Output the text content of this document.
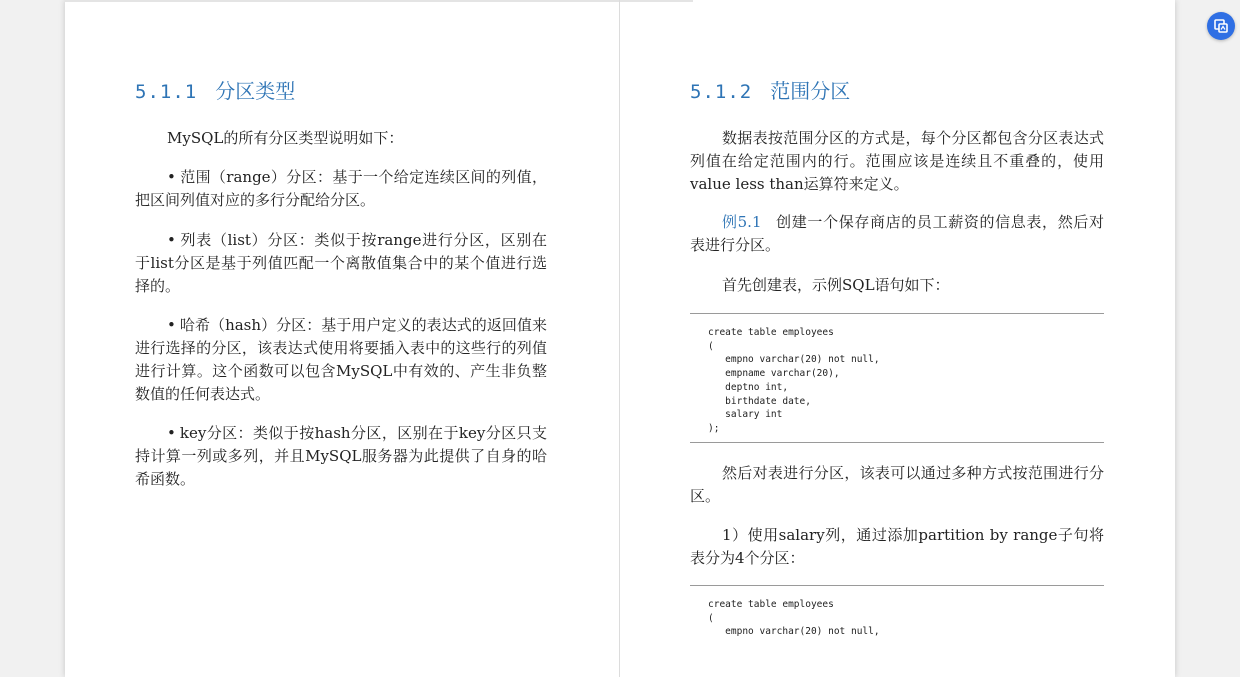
5.1.1 分区类型

MySQL的所有分区类型说明如下：

• 范围（range）分区：基于一个给定连续区间的列值，把区间列值对应的多行分配给分区。

• 列表（list）分区：类似于按range进行分区，区别在于list分区是基于列值匹配一个离散值集合中的某个值进行选择的。

• 哈希（hash）分区：基于用户定义的表达式的返回值来进行选择的分区，该表达式使用将要插入表中的这些行的列值进行计算。这个函数可以包含MySQL中有效的、产生非负整数值的任何表达式。

• key分区：类似于按hash分区，区别在于key分区只支持计算一列或多列，并且MySQL服务器为此提供了自身的哈希函数。

5.1.2 范围分区

数据表按范围分区的方式是，每个分区都包含分区表达式列值在给定范围内的行。范围应该是连续且不重叠的，使用value less than运算符来定义。

例5.1 创建一个保存商店的员工薪资的信息表，然后对表进行分区。

首先创建表，示例SQL语句如下：

create table employees
(
empno varchar(20) not null,
empname varchar(20),
deptno int,
birthdate date,
salary int
);

然后对表进行分区，该表可以通过多种方式按范围进行分区。

1）使用salary列，通过添加partition by range子句将表分为4个分区：

create table employees
(
empno varchar(20) not null,
